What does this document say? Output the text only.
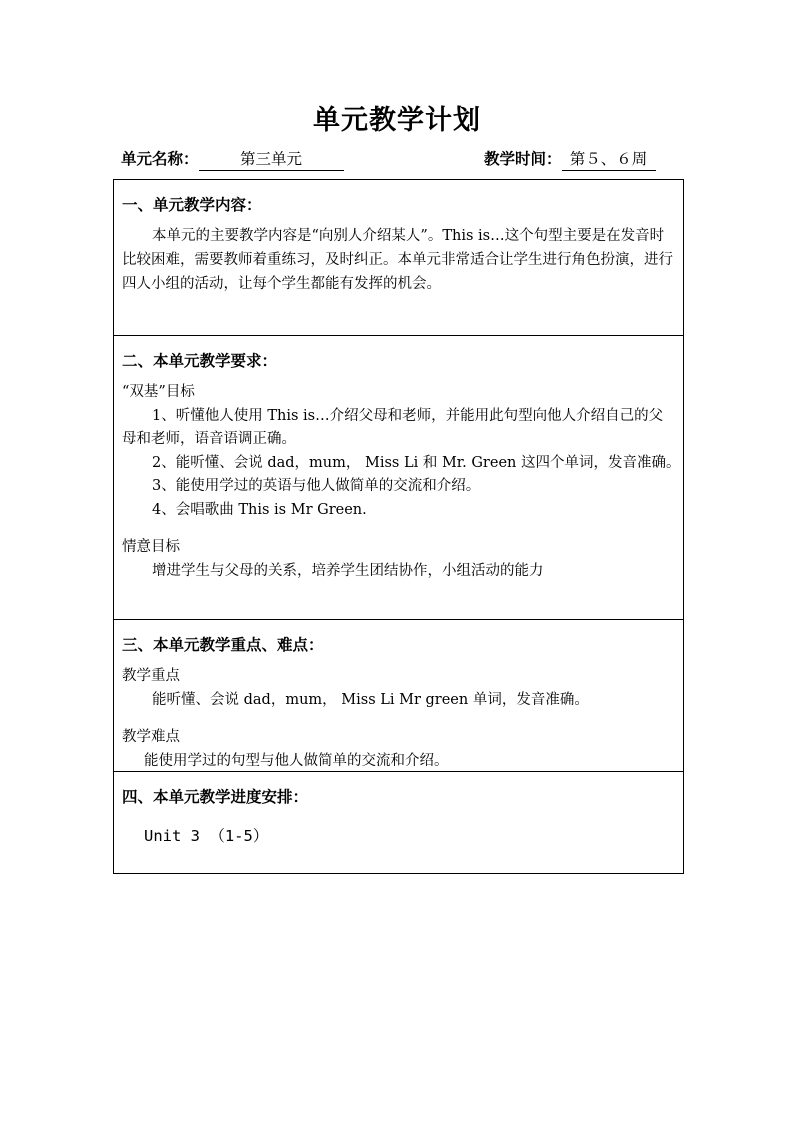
单元教学计划
单元名称：	第三单元	教学时间： 第５、６周
一、单元教学内容：
本单元的主要教学内容是“向别人介绍某人”。This is…这个句型主要是在发音时比较困难，需要教师着重练习，及时纠正。本单元非常适合让学生进行角色扮演，进行四人小组的活动，让每个学生都能有发挥的机会。
二、本单元教学要求：
“双基”目标
1、听懂他人使用 This is…介绍父母和老师，并能用此句型向他人介绍自己的父母和老师，语音语调正确。
2、能听懂、会说 dad，mum， Miss Li 和 Mr. Green 这四个单词，发音准确。
3、能使用学过的英语与他人做简单的交流和介绍。
4、会唱歌曲 This is Mr Green.
情意目标
增进学生与父母的关系，培养学生团结协作，小组活动的能力
三、本单元教学重点、难点：
教学重点
能听懂、会说 dad，mum， Miss Li Mr green 单词，发音准确。
教学难点
能使用学过的句型与他人做简单的交流和介绍。
四、本单元教学进度安排：
Unit 3 （1-5）
